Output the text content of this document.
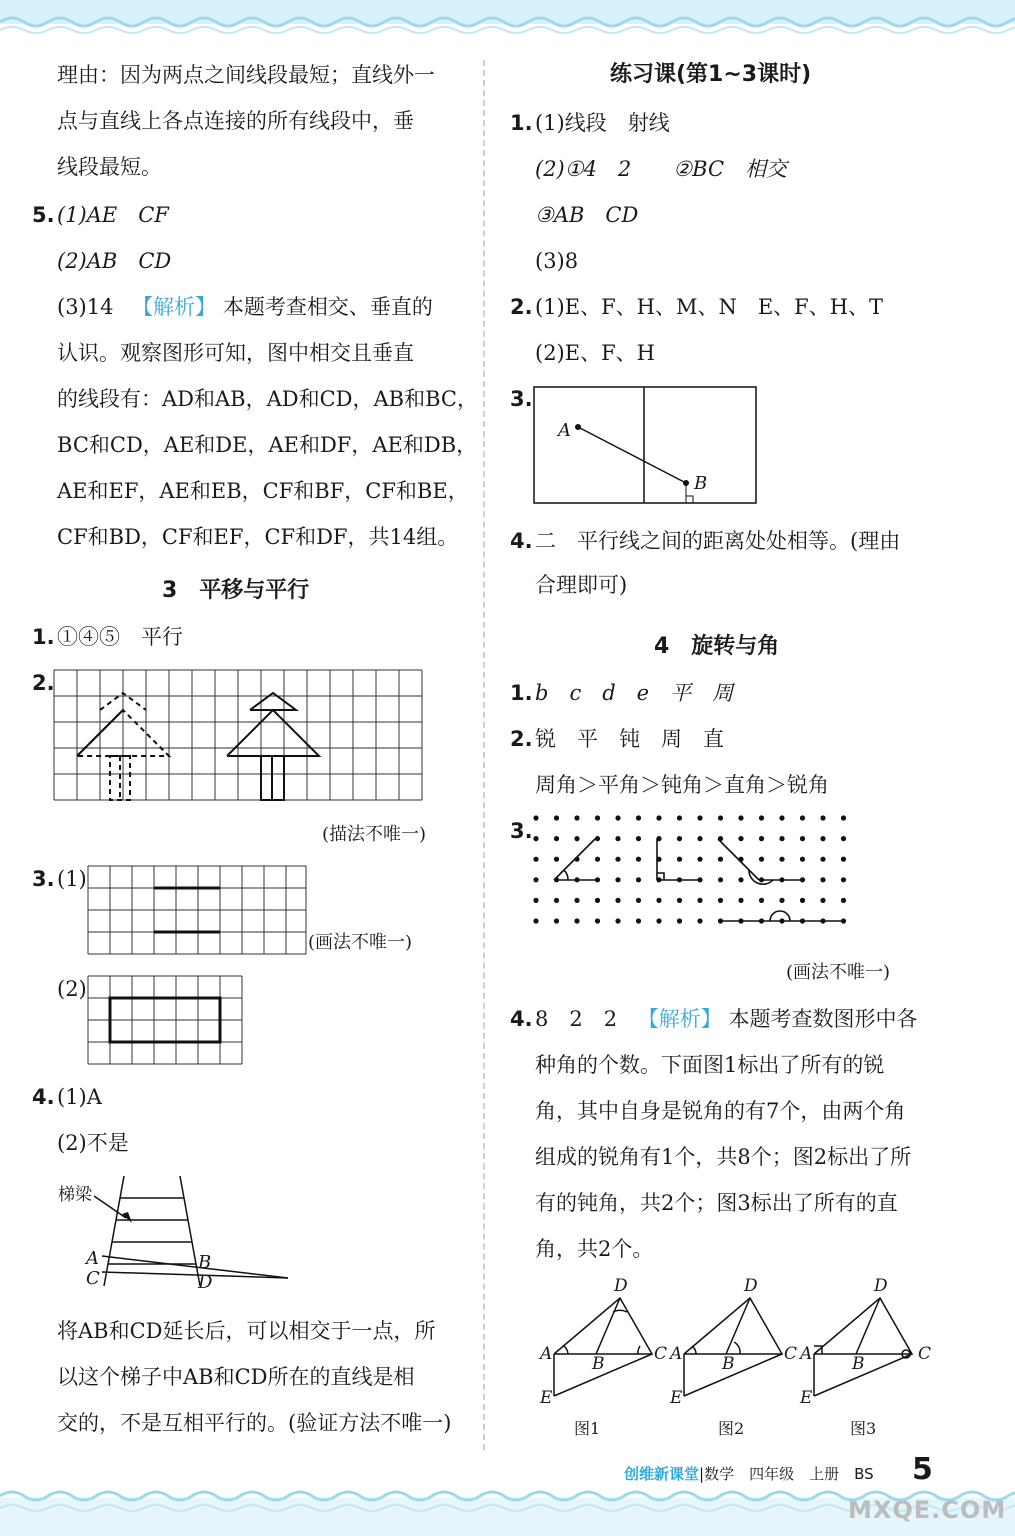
理由：因为两点之间线段最短；直线外一
点与直线上各点连接的所有线段中，垂
线段最短。
5. (1)AE　CF
(2)AB　CD
(3)14 【解析】 本题考查相交、垂直的
认识。观察图形可知，图中相交且垂直
的线段有：AD和AB，AD和CD，AB和BC，
BC和CD，AE和DE，AE和DF，AE和DB，
AE和EF，AE和EB，CF和BF，CF和BE，
CF和BD，CF和EF，CF和DF，共14组。
3　平移与平行
1. ①④⑤　平行
2.
(描法不唯一)
3. (1)
(画法不唯一)
(2)
4. (1)A
(2)不是
梯梁
A
C
B
D
将AB和CD延长后，可以相交于一点，所
以这个梯子中AB和CD所在的直线是相
交的，不是互相平行的。(验证方法不唯一)
练习课(第1~3课时)
1. (1)线段　射线
(2)①4　2　　②BC　相交
③AB　CD
(3)8
2. (1)E、F、H、M、N　E、F、H、T
(2)E、F、H
3.
A
B
4. 二　平行线之间的距离处处相等。(理由
合理即可)
4　旋转与角
1. b　c　d　e　平　周
2. 锐　平　钝　周　直
周角＞平角＞钝角＞直角＞锐角
3.
(画法不唯一)
4. 8　2　2 【解析】 本题考查数图形中各
种角的个数。下面图1标出了所有的锐
角，其中自身是锐角的有7个，由两个角
组成的锐角有1个，共8个；图2标出了所
有的钝角，共2个；图3标出了所有的直
角，共2个。
D
A B	C
E
D
A B	C
E
D
A B	C
E
图1	图2	图3
创维新课堂|数学　四年级　上册　BS 5
MXQE.COM
